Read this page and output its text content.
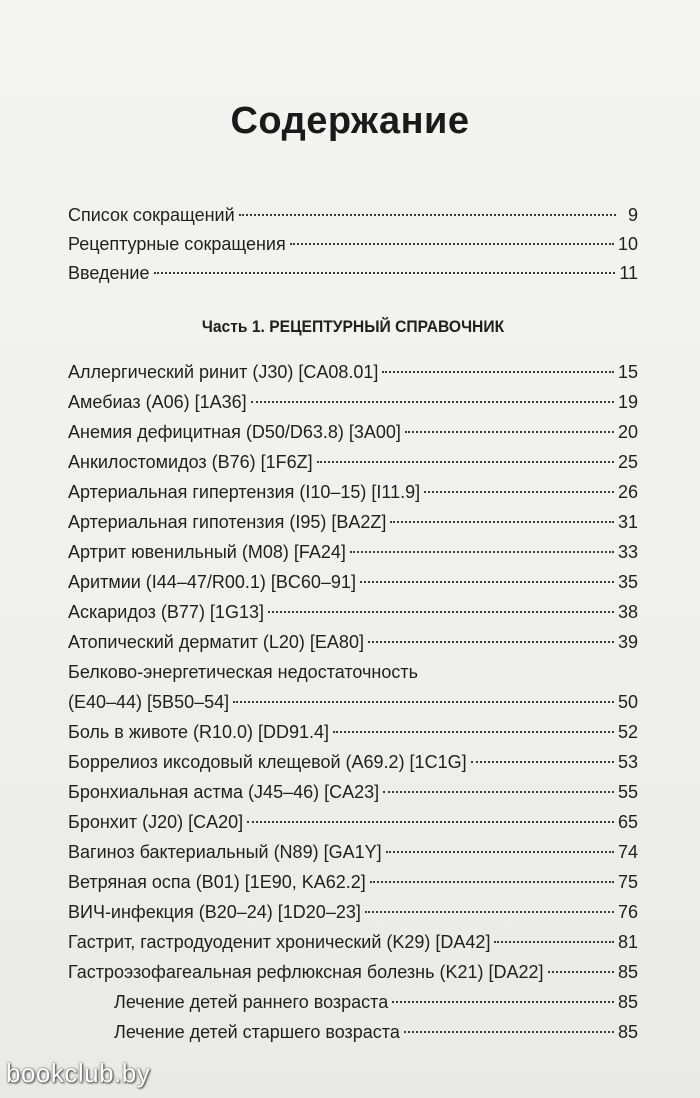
Содержание
Список сокращений	9
Рецептурные сокращения	10
Введение	11
Часть 1. РЕЦЕПТУРНЫЙ СПРАВОЧНИК
Аллергический ринит (J30) [CA08.01]	15
Амебиаз (A06) [1A36]	19
Анемия дефицитная (D50/D63.8) [3A00]	20
Анкилостомидоз (B76) [1F6Z]	25
Артериальная гипертензия (I10–15) [I11.9]	26
Артериальная гипотензия (I95) [BA2Z]	31
Артрит ювенильный (M08) [FA24]	33
Аритмии (I44–47/R00.1) [BC60–91]	35
Аскаридоз (B77) [1G13]	38
Атопический дерматит (L20) [EA80]	39
Белково-энергетическая недостаточность
(E40–44) [5B50–54]	50
Боль в животе (R10.0) [DD91.4]	52
Боррелиоз иксодовый клещевой (A69.2) [1C1G]	53
Бронхиальная астма (J45–46) [CA23]	55
Бронхит (J20) [CA20]	65
Вагиноз бактериальный (N89) [GA1Y]	74
Ветряная оспа (B01) [1E90, KA62.2]	75
ВИЧ-инфекция (B20–24) [1D20–23]	76
Гастрит, гастродуоденит хронический (K29) [DA42]	81
Гастроэзофагеальная рефлюксная болезнь (K21) [DA22]	85
Лечение детей раннего возраста	85
Лечение детей старшего возраста	85
bookclub.by
